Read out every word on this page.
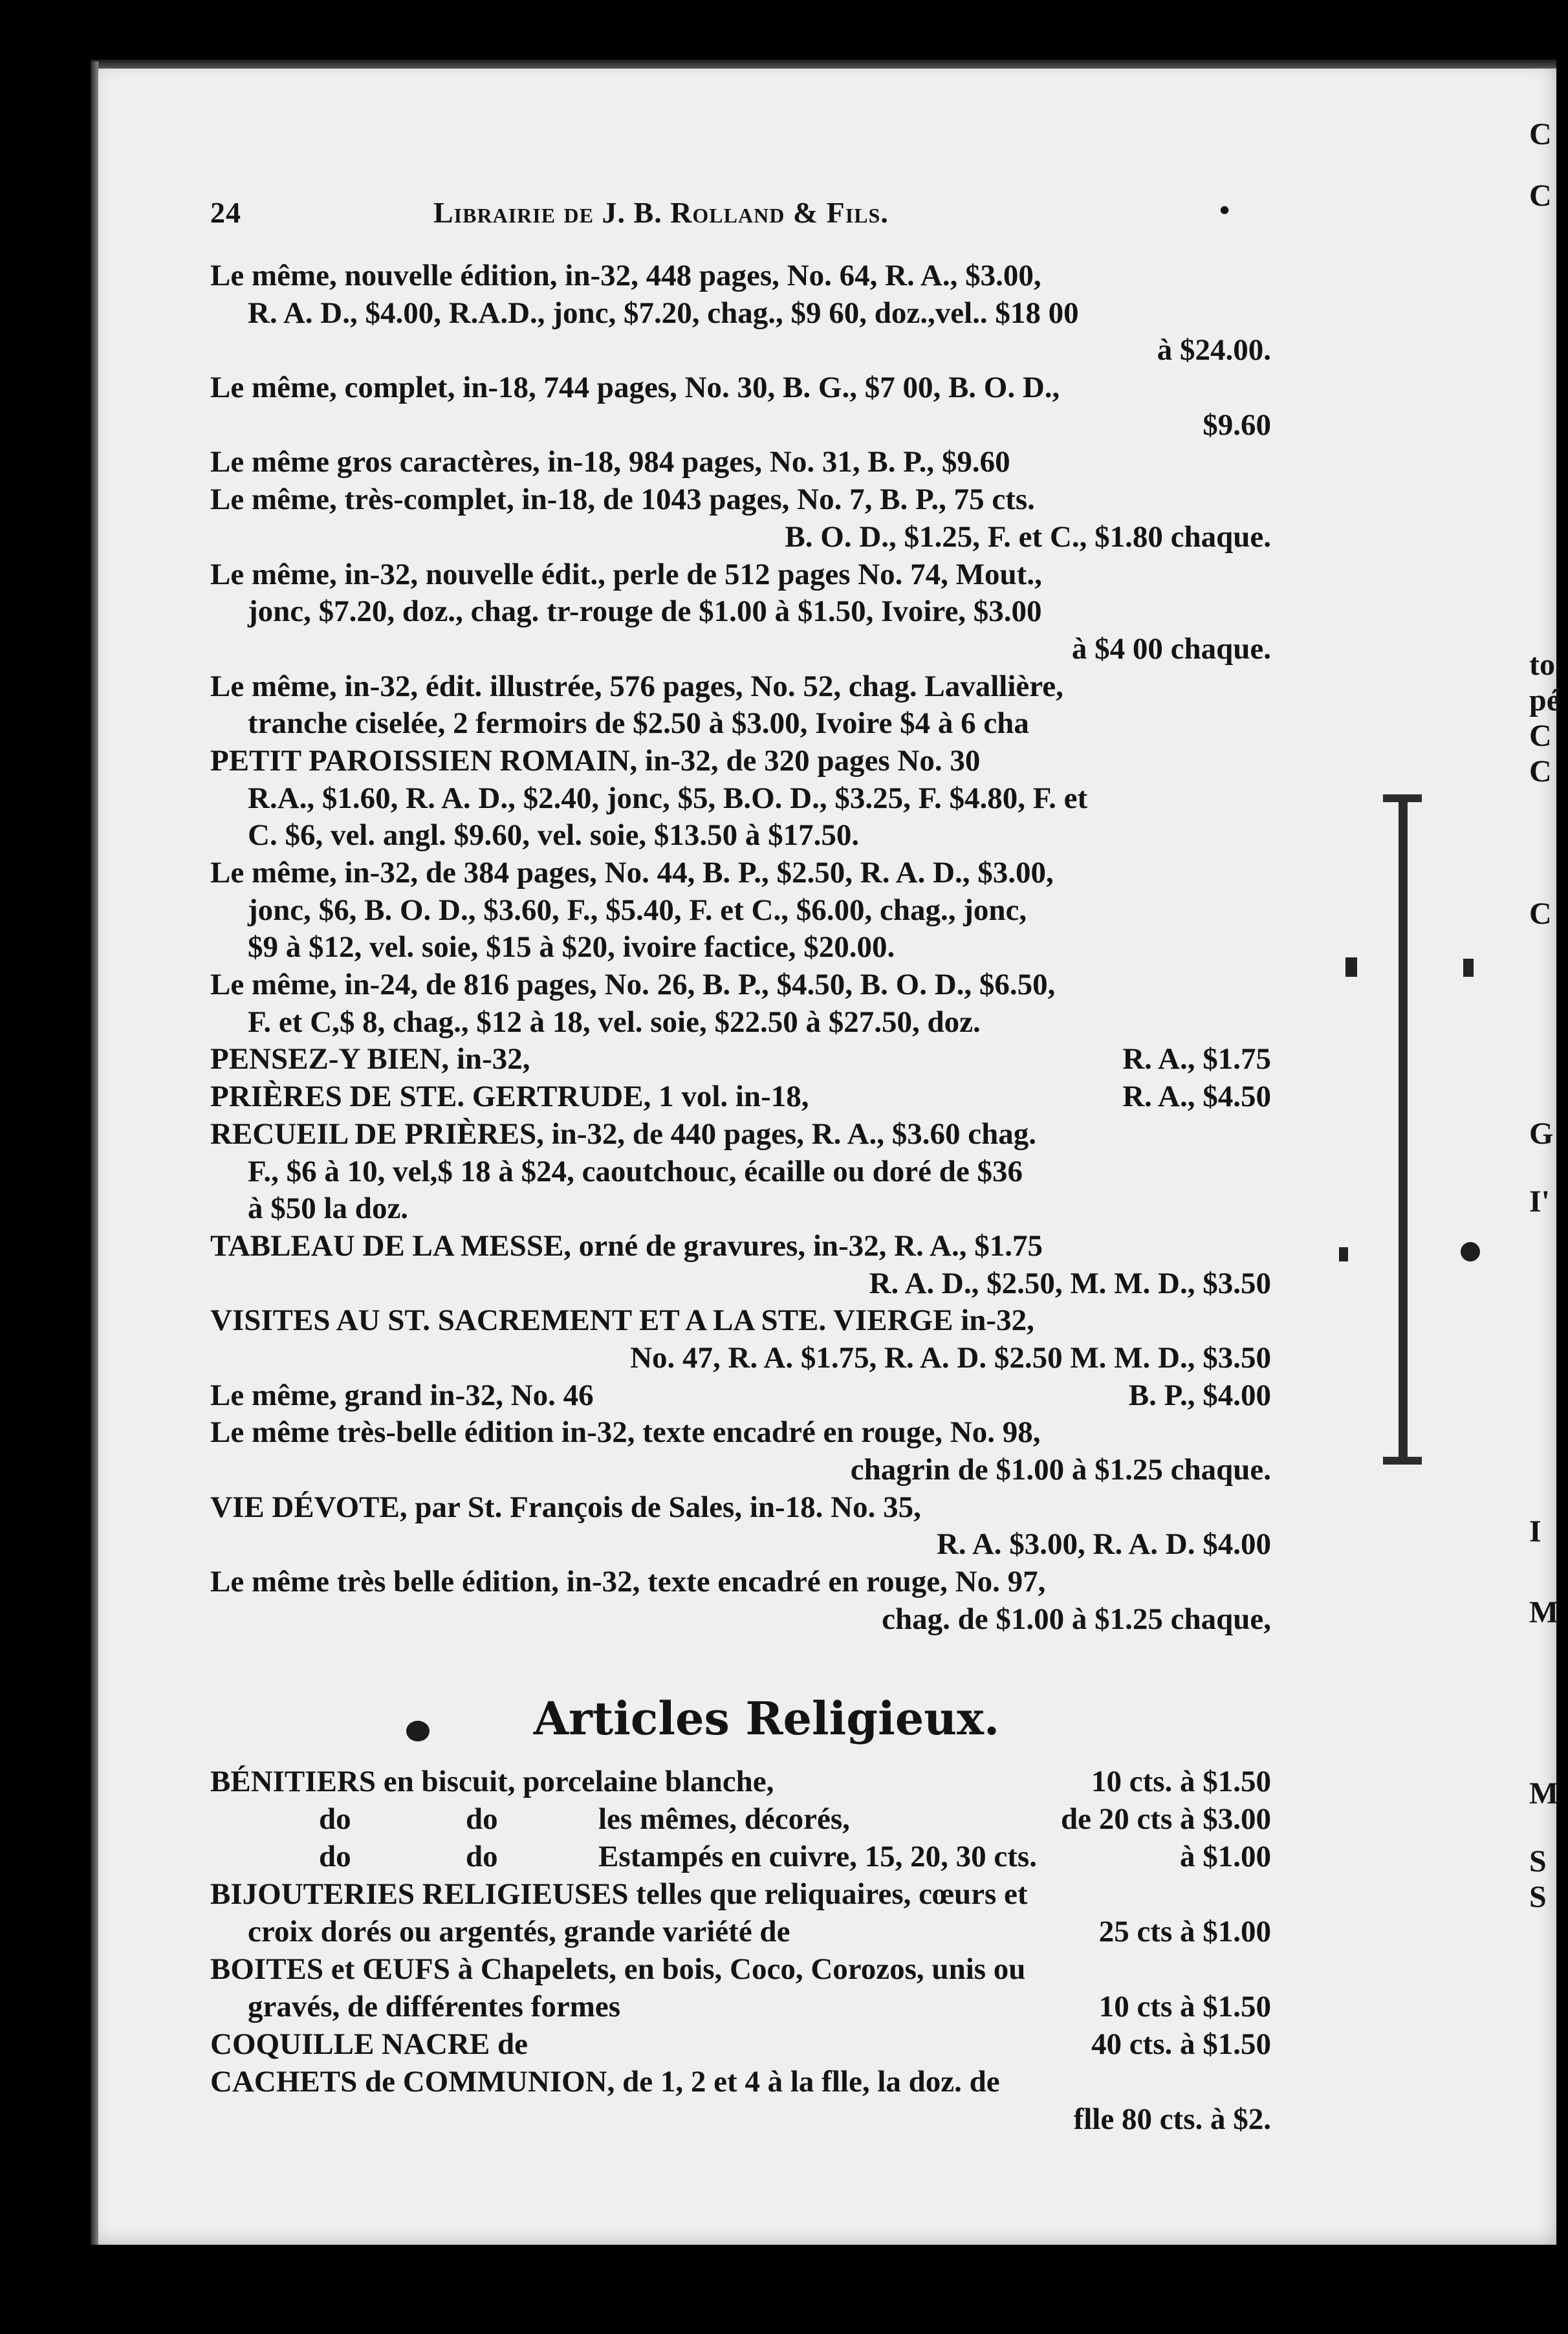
24	Librairie de J. B. Rolland & Fils.	•
Le même, nouvelle édition, in-32, 448 pages, No. 64, R. A., $3.00,
R. A. D., $4.00, R.A.D., jonc, $7.20, chag., $9 60, doz.,vel.. $18 00
à $24.00.
Le même, complet, in-18, 744 pages, No. 30, B. G., $7 00, B. O. D.,
$9.60
Le même gros caractères, in-18, 984 pages, No. 31, B. P., $9.60
Le même, très-complet, in-18, de 1043 pages, No. 7, B. P., 75 cts.
B. O. D., $1.25, F. et C., $1.80 chaque.
Le même, in-32, nouvelle édit., perle de 512 pages No. 74, Mout.,
jonc, $7.20, doz., chag. tr-rouge de $1.00 à $1.50, Ivoire, $3.00
à $4 00 chaque.
Le même, in-32, édit. illustrée, 576 pages, No. 52, chag. Lavallière,
tranche ciselée, 2 fermoirs de $2.50 à $3.00, Ivoire $4 à 6 cha
PETIT PAROISSIEN ROMAIN, in-32, de 320 pages No. 30
R.A., $1.60, R. A. D., $2.40, jonc, $5, B.O. D., $3.25, F. $4.80, F. et
C. $6, vel. angl. $9.60, vel. soie, $13.50 à $17.50.
Le même, in-32, de 384 pages, No. 44, B. P., $2.50, R. A. D., $3.00,
jonc, $6, B. O. D., $3.60, F., $5.40, F. et C., $6.00, chag., jonc,
$9 à $12, vel. soie, $15 à $20, ivoire factice, $20.00.
Le même, in-24, de 816 pages, No. 26, B. P., $4.50, B. O. D., $6.50,
F. et C,$ 8, chag., $12 à 18, vel. soie, $22.50 à $27.50, doz.
PENSEZ-Y BIEN, in-32,	R. A., $1.75
PRIÈRES DE STE. GERTRUDE, 1 vol. in-18,	R. A., $4.50
RECUEIL DE PRIÈRES, in-32, de 440 pages, R. A., $3.60 chag.
F., $6 à 10, vel,$ 18 à $24, caoutchouc, écaille ou doré de $36
à $50 la doz.
TABLEAU DE LA MESSE, orné de gravures, in-32, R. A., $1.75
R. A. D., $2.50, M. M. D., $3.50
VISITES AU ST. SACREMENT ET A LA STE. VIERGE in-32,
No. 47, R. A. $1.75, R. A. D. $2.50 M. M. D., $3.50
Le même, grand in-32, No. 46	B. P., $4.00
Le même très-belle édition in-32, texte encadré en rouge, No. 98,
chagrin de $1.00 à $1.25 chaque.
VIE DÉVOTE, par St. François de Sales, in-18. No. 35,
R. A. $3.00, R. A. D. $4.00
Le même très belle édition, in-32, texte encadré en rouge, No. 97,
chag. de $1.00 à $1.25 chaque,
Articles Religieux.
BÉNITIERS en biscuit, porcelaine blanche,	10 cts. à $1.50
do	do	les mêmes, décorés,	de 20 cts à $3.00
do	do	Estampés en cuivre, 15, 20, 30 cts.	à $1.00
BIJOUTERIES RELIGIEUSES telles que reliquaires, cœurs et
croix dorés ou argentés, grande variété de	25 cts à $1.00
BOITES et ŒUFS à Chapelets, en bois, Coco, Corozos, unis ou
gravés, de différentes formes	10 cts à $1.50
COQUILLE NACRE de	40 cts. à $1.50
CACHETS de COMMUNION, de 1, 2 et 4 à la flle, la doz. de
flle 80 cts. à $2.
C
C
to
pé
C
C
C
G
I'
I
M
M
S
S
